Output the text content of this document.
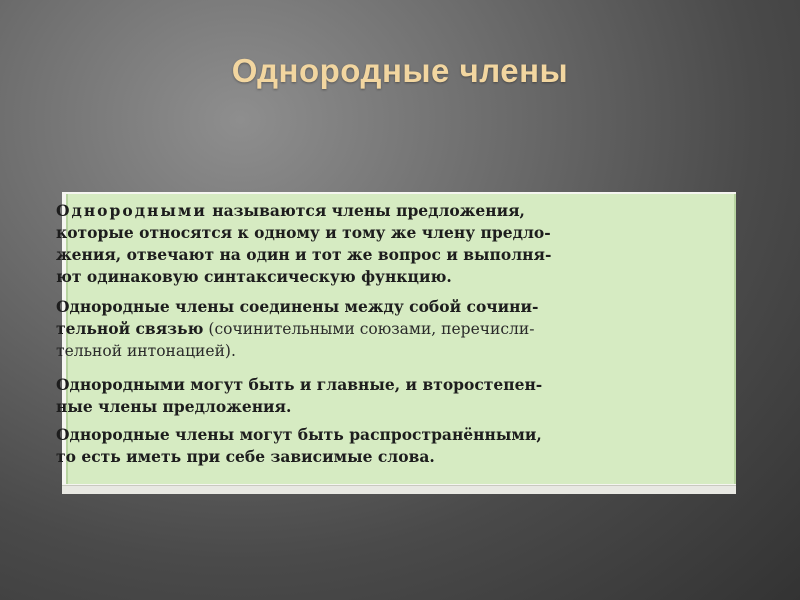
Однородные члены

Однородными называются члены предложения,
которые относятся к одному и тому же члену предло-
жения, отвечают на один и тот же вопрос и выполня-
ют одинаковую синтаксическую функцию.

Однородные члены соединены между собой сочини-
тельной связью (сочинительными союзами, перечисли-
тельной интонацией).

Однородными могут быть и главные, и второстепен-
ные члены предложения.

Однородные члены могут быть распространёнными,
то есть иметь при себе зависимые слова.
